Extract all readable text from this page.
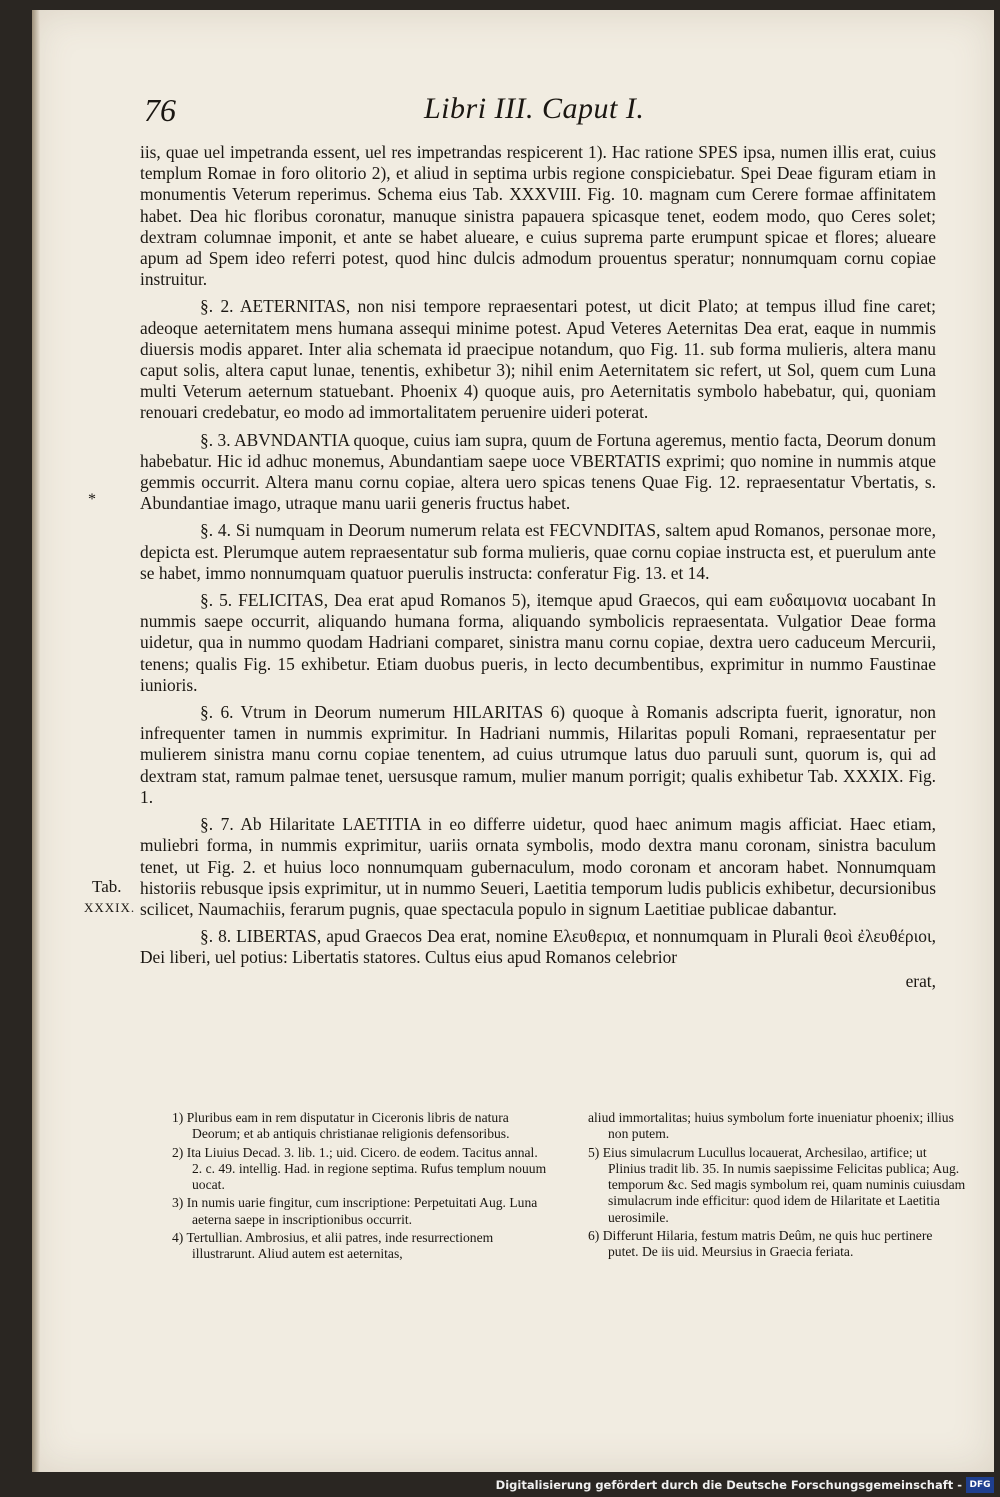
76	Libri III. Caput I.

iis, quae uel impetranda essent, uel res impetrandas respicerent 1). Hac ratione SPES ipsa, numen illis erat, cuius templum Romae in foro olitorio 2), et aliud in septima urbis regione conspiciebatur. Spei Deae figuram etiam in monumentis Veterum reperimus. Schema eius Tab. XXXVIII. Fig. 10. magnam cum Cerere formae affinitatem habet. Dea hic floribus coronatur, manuque sinistra papauera spicasque tenet, eodem modo, quo Ceres solet; dextram columnae imponit, et ante se habet alueare, e cuius suprema parte erumpunt spicae et flores; alueare apum ad Spem ideo referri potest, quod hinc dulcis admodum prouentus speratur; nonnumquam cornu copiae instruitur.

§. 2. AETERNITAS, non nisi tempore repraesentari potest, ut dicit Plato; at tempus illud fine caret; adeoque aeternitatem mens humana assequi minime potest. Apud Veteres Aeternitas Dea erat, eaque in nummis diuersis modis apparet. Inter alia schemata id praecipue notandum, quo Fig. 11. sub forma mulieris, altera manu caput solis, altera caput lunae, tenentis, exhibetur 3); nihil enim Aeternitatem sic refert, ut Sol, quem cum Luna multi Veterum aeternum statuebant. Phoenix 4) quoque auis, pro Aeternitatis symbolo habebatur, qui, quoniam renouari credebatur, eo modo ad immortalitatem peruenire uideri poterat.

§. 3. ABVNDANTIA quoque, cuius iam supra, quum de Fortuna ageremus, mentio facta, Deorum donum habebatur. Hic id adhuc monemus, Abundantiam saepe uoce VBERTATIS exprimi; quo nomine in nummis atque gemmis occurrit. Altera manu cornu copiae, altera uero spicas tenens Quae Fig. 12. repraesentatur Vbertatis, s. Abundantiae imago, utraque manu uarii generis fructus habet.

§. 4. Si numquam in Deorum numerum relata est FECVNDITAS, saltem apud Romanos, personae more, depicta est. Plerumque autem repraesentatur sub forma mulieris, quae cornu copiae instructa est, et puerulum ante se habet, immo nonnumquam quatuor puerulis instructa: conferatur Fig. 13. et 14.

§. 5. FELICITAS, Dea erat apud Romanos 5), itemque apud Graecos, qui eam ευδαιμονια uocabant In nummis saepe occurrit, aliquando humana forma, aliquando symbolicis repraesentata. Vulgatior Deae forma uidetur, qua in nummo quodam Hadriani comparet, sinistra manu cornu copiae, dextra uero caduceum Mercurii, tenens; qualis Fig. 15 exhibetur. Etiam duobus pueris, in lecto decumbentibus, exprimitur in nummo Faustinae iunioris.

§. 6. Vtrum in Deorum numerum HILARITAS 6) quoque à Romanis adscripta fuerit, ignoratur, non infrequenter tamen in nummis exprimitur. In Hadriani nummis, Hilaritas populi Romani, repraesentatur per mulierem sinistra manu cornu copiae tenentem, ad cuius utrumque latus duo paruuli sunt, quorum is, qui ad dextram stat, ramum palmae tenet, uersusque ramum, mulier manum porrigit; qualis exhibetur Tab. XXXIX. Fig. 1.

§. 7. Ab Hilaritate LAETITIA in eo differre uidetur, quod haec animum magis afficiat. Haec etiam, muliebri forma, in nummis exprimitur, uariis ornata symbolis, modo dextra manu coronam, sinistra baculum tenet, ut Fig. 2. et huius loco nonnumquam gubernaculum, modo coronam et ancoram habet. Nonnumquam historiis rebusque ipsis exprimitur, ut in nummo Seueri, Laetitia temporum ludis publicis exhibetur, decursionibus scilicet, Naumachiis, ferarum pugnis, quae spectacula populo in signum Laetitiae publicae dabantur.

§. 8. LIBERTAS, apud Graecos Dea erat, nomine Ελευθερια, et nonnumquam in Plurali θεοὶ ἐλευθέριοι, Dei liberi, uel potius: Libertatis statores. Cultus eius apud Romanos celebrior

erat,

*
Tab.
XXXIX.

1) Pluribus eam in rem disputatur in Ciceronis libris de natura Deorum; et ab antiquis christianae religionis defensoribus.

2) Ita Liuius Decad. 3. lib. 1.; uid. Cicero. de eodem. Tacitus annal. 2. c. 49. intellig. Had. in regione septima. Rufus templum nouum uocat.

3) In numis uarie fingitur, cum inscriptione: Perpetuitati Aug. Luna aeterna saepe in inscriptionibus occurrit.

4) Tertullian. Ambrosius, et alii patres, inde resurrectionem illustrarunt. Aliud autem est aeternitas,

aliud immortalitas; huius symbolum forte inueniatur phoenix; illius non putem.

5) Eius simulacrum Lucullus locauerat, Archesilao, artifice; ut Plinius tradit lib. 35. In numis saepissime Felicitas publica; Aug. temporum &c. Sed magis symbolum rei, quam numinis cuiusdam simulacrum inde efficitur: quod idem de Hilaritate et Laetitia uerosimile.

6) Differunt Hilaria, festum matris Deûm, ne quis huc pertinere putet. De iis uid. Meursius in Graecia feriata.

Digitalisierung gefördert durch die Deutsche Forschungsgemeinschaft - DFG
